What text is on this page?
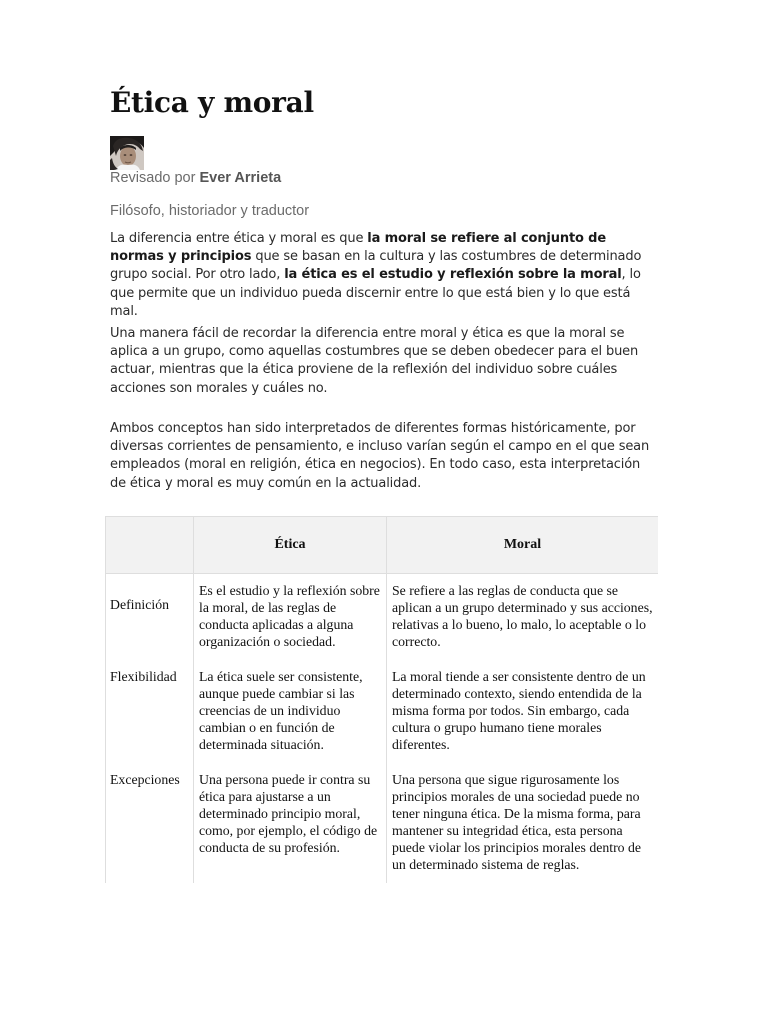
Ética y moral
Revisado por Ever Arrieta
Filósofo, historiador y traductor

La diferencia entre ética y moral es que la moral se refiere al conjunto de normas y principios que se basan en la cultura y las costumbres de determinado grupo social. Por otro lado, la ética es el estudio y reflexión sobre la moral, lo que permite que un individuo pueda discernir entre lo que está bien y lo que está mal.

Una manera fácil de recordar la diferencia entre moral y ética es que la moral se aplica a un grupo, como aquellas costumbres que se deben obedecer para el buen actuar, mientras que la ética proviene de la reflexión del individuo sobre cuáles acciones son morales y cuáles no.

Ambos conceptos han sido interpretados de diferentes formas históricamente, por diversas corrientes de pensamiento, e incluso varían según el campo en el que sean empleados (moral en religión, ética en negocios). En todo caso, esta interpretación de ética y moral es muy común en la actualidad.

	Ética	Moral
Definición	Es el estudio y la reflexión sobre la moral, de las reglas de conducta aplicadas a alguna organización o sociedad.	Se refiere a las reglas de conducta que se aplican a un grupo determinado y sus acciones, relativas a lo bueno, lo malo, lo aceptable o lo correcto.
Flexibilidad	La ética suele ser consistente, aunque puede cambiar si las creencias de un individuo cambian o en función de determinada situación.	La moral tiende a ser consistente dentro de un determinado contexto, siendo entendida de la misma forma por todos. Sin embargo, cada cultura o grupo humano tiene morales diferentes.
Excepciones	Una persona puede ir contra su ética para ajustarse a un determinado principio moral, como, por ejemplo, el código de conducta de su profesión.	Una persona que sigue rigurosamente los principios morales de una sociedad puede no tener ninguna ética. De la misma forma, para mantener su integridad ética, esta persona puede violar los principios morales dentro de un determinado sistema de reglas.
